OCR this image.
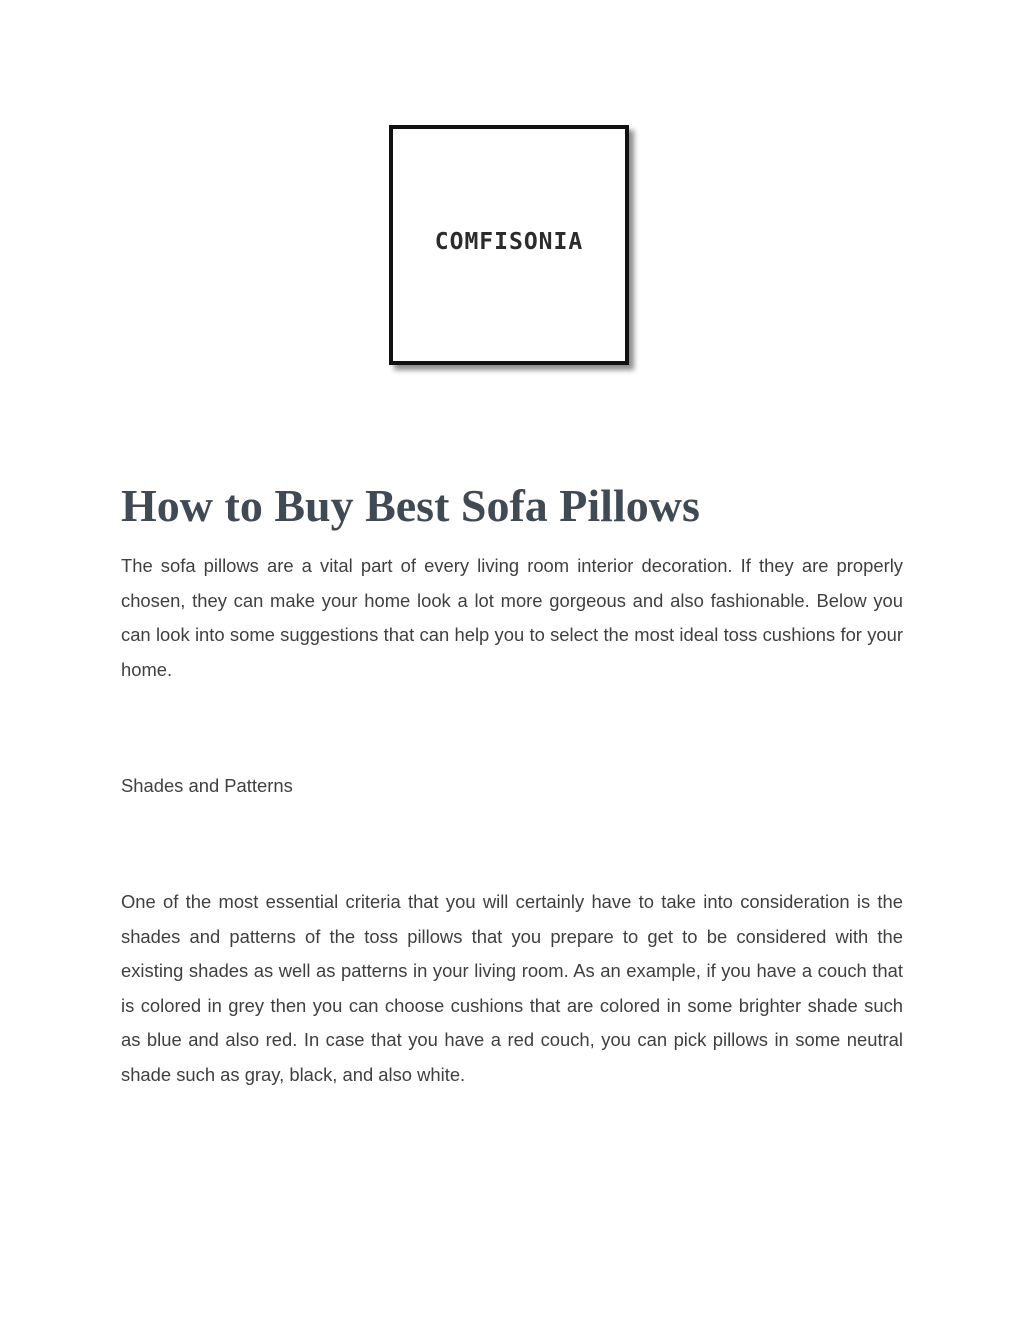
COMFISONIA
How to Buy Best Sofa Pillows

The sofa pillows are a vital part of every living room interior decoration. If they are properly chosen, they can make your home look a lot more gorgeous and also fashionable. Below you can look into some suggestions that can help you to select the most ideal toss cushions for your home.

Shades and Patterns

One of the most essential criteria that you will certainly have to take into consideration is the shades and patterns of the toss pillows that you prepare to get to be considered with the existing shades as well as patterns in your living room. As an example, if you have a couch that is colored in grey then you can choose cushions that are colored in some brighter shade such as blue and also red. In case that you have a red couch, you can pick pillows in some neutral shade such as gray, black, and also white.
